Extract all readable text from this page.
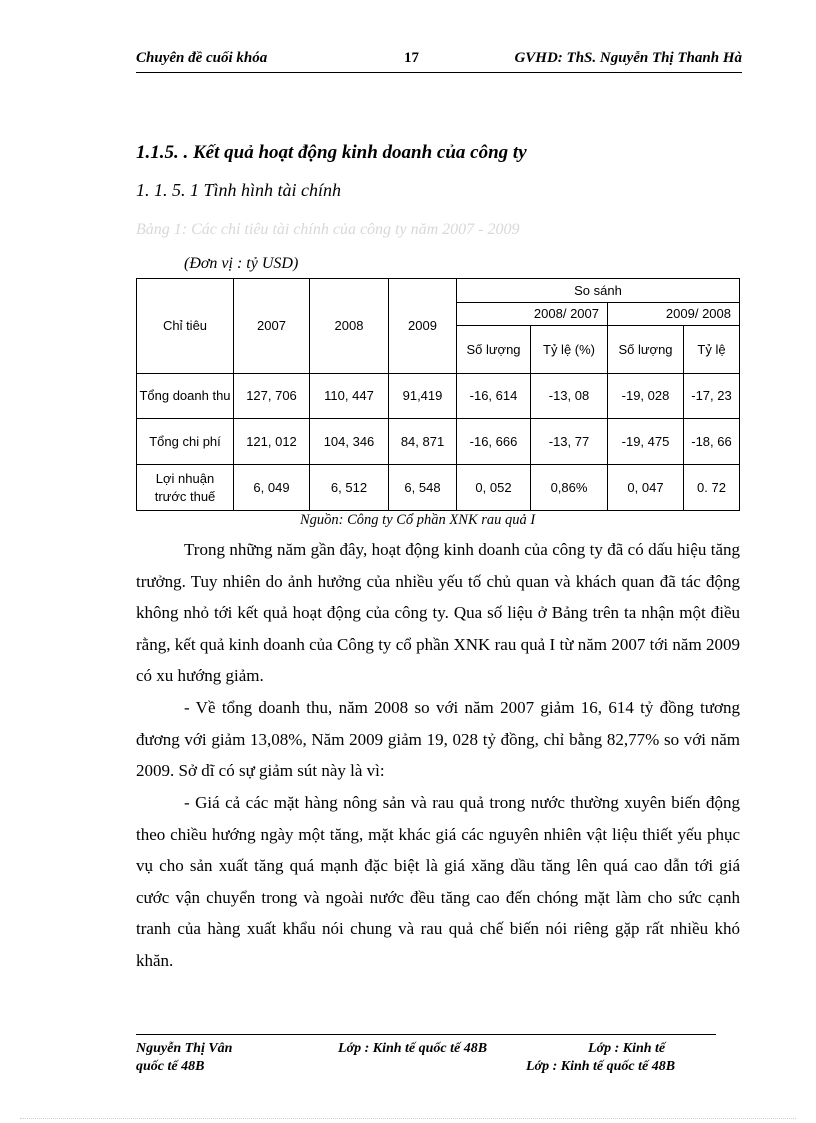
Chuyên đề cuối khóa	17	GVHD: ThS. Nguyễn Thị Thanh Hà
1.1.5. . Kết quả hoạt động kinh doanh của công ty
1. 1. 5. 1 Tình hình tài chính
Bảng 1: Các chỉ tiêu tài chính của công ty năm 2007 - 2009
(Đơn vị : tỷ USD)
Chỉ tiêu	2007	2008	2009	So sánh			
				2008/ 2007		2009/ 2008	
				Số lượng	Tỷ lệ (%)	Số lượng	Tỷ lệ
Tổng doanh thu	127, 706	110, 447	91,419	-16, 614	-13, 08	-19, 028	-17, 23
Tổng chi phí	121, 012	104, 346	84, 871	-16, 666	-13, 77	-19, 475	-18, 66
Lợi nhuận trước thuế	6, 049	6, 512	6, 548	0, 052	0,86%	0, 047	0. 72
Nguồn: Công ty Cổ phần XNK rau quả I

Trong những năm gần đây, hoạt động kinh doanh của công ty đã có dấu hiệu tăng trưởng. Tuy nhiên do ảnh hưởng của nhiều yếu tố chủ quan và khách quan đã tác động không nhỏ tới kết quả hoạt động của công ty. Qua số liệu ở Bảng trên ta nhận một điều rằng, kết quả kinh doanh của Công ty cổ phần XNK rau quả I từ năm 2007 tới năm 2009 có xu hướng giảm.

- Về tổng doanh thu, năm 2008 so với năm 2007 giảm 16, 614 tỷ đồng tương đương với giảm 13,08%, Năm 2009 giảm 19, 028 tỷ đồng, chỉ bằng 82,77% so với năm 2009. Sở dĩ có sự giảm sút này là vì:

- Giá cả các mặt hàng nông sản và rau quả trong nước thường xuyên biến động theo chiều hướng ngày một tăng, mặt khác giá các nguyên nhiên vật liệu thiết yếu phục vụ cho sản xuất tăng quá mạnh đặc biệt là giá xăng dầu tăng lên quá cao dẫn tới giá cước vận chuyển trong và ngoài nước đều tăng cao đến chóng mặt làm cho sức cạnh tranh của hàng xuất khẩu nói chung và rau quả chế biến nói riêng gặp rất nhiều khó khăn.

Nguyễn Thị Vân	Lớp : Kinh tế quốc tế 48B	Lớp : Kinh tế
quốc tế 48B	Lớp : Kinh tế quốc tế 48B
